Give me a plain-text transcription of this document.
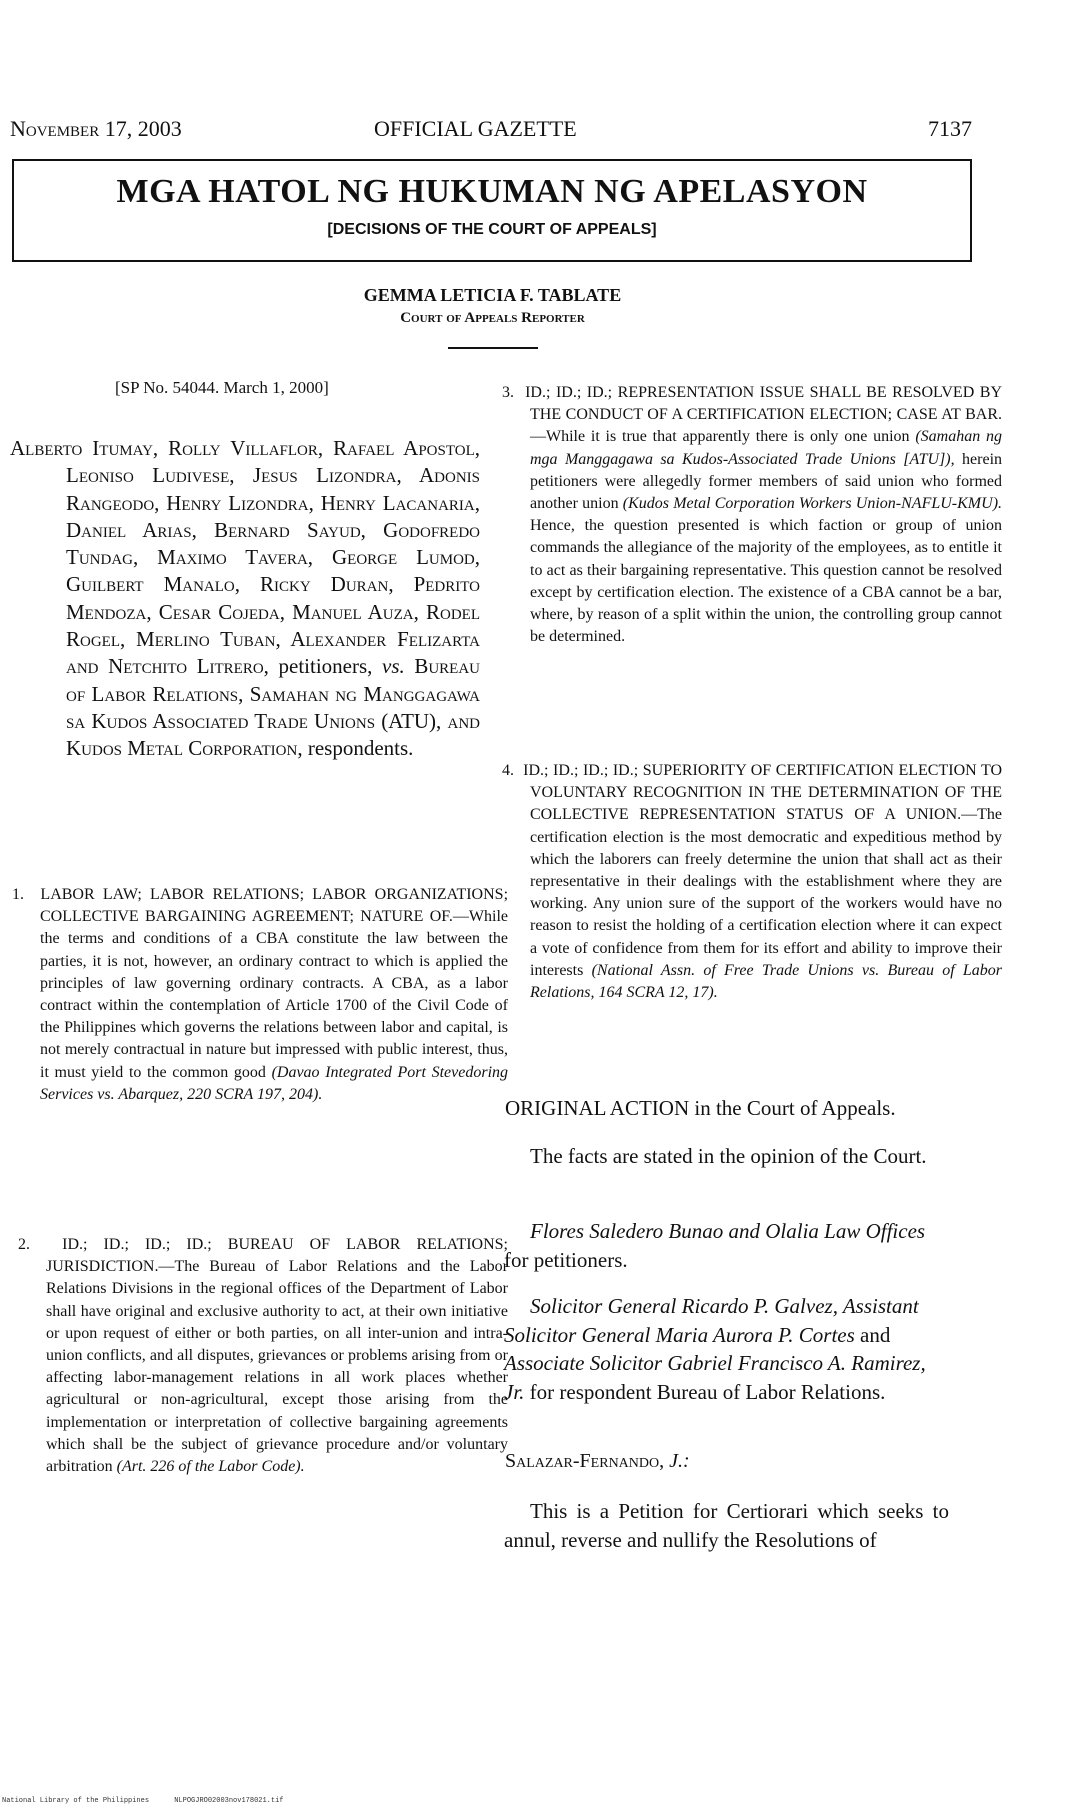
November 17, 2003	OFFICIAL GAZETTE	7137
MGA HATOL NG HUKUMAN NG APELASYON
[DECISIONS OF THE COURT OF APPEALS]
GEMMA LETICIA F. TABLATE
Court of Appeals Reporter
[SP No. 54044. March 1, 2000]
Alberto Itumay, Rolly Villaflor, Rafael Apostol, Leoniso Ludivese, Jesus Lizondra, Adonis Rangeodo, Henry Lizondra, Henry Lacanaria, Daniel Arias, Bernard Sayud, Godofredo Tundag, Maximo Tavera, George Lumod, Guilbert Manalo, Ricky Duran, Pedrito Mendoza, Cesar Cojeda, Manuel Auza, Rodel Rogel, Merlino Tuban, Alexander Felizarta and Netchito Litrero, petitioners, vs. Bureau of Labor Relations, Samahan ng Manggagawa sa Kudos Associated Trade Unions (ATU), and Kudos Metal Corporation, respondents.
1. LABOR LAW; LABOR RELATIONS; LABOR ORGANIZATIONS; COLLECTIVE BARGAINING AGREEMENT; NATURE OF.—While the terms and conditions of a CBA constitute the law between the parties, it is not, however, an ordinary contract to which is applied the principles of law governing ordinary contracts. A CBA, as a labor contract within the contemplation of Article 1700 of the Civil Code of the Philippines which governs the relations between labor and capital, is not merely contractual in nature but impressed with public interest, thus, it must yield to the common good (Davao Integrated Port Stevedoring Services vs. Abarquez, 220 SCRA 197, 204).
2. ID.; ID.; ID.; ID.; BUREAU OF LABOR RELATIONS; JURISDICTION.—The Bureau of Labor Relations and the Labor Relations Divisions in the regional offices of the Department of Labor shall have original and exclusive authority to act, at their own initiative or upon request of either or both parties, on all inter-union and intra-union conflicts, and all disputes, grievances or problems arising from or affecting labor-management relations in all work places whether agricultural or non-agricultural, except those arising from the implementation or interpretation of collective bargaining agreements which shall be the subject of grievance procedure and/or voluntary arbitration (Art. 226 of the Labor Code).
3. ID.; ID.; ID.; REPRESENTATION ISSUE SHALL BE RESOLVED BY THE CONDUCT OF A CERTIFICATION ELECTION; CASE AT BAR.—While it is true that apparently there is only one union (Samahan ng mga Manggagawa sa Kudos-Associated Trade Unions [ATU]), herein petitioners were allegedly former members of said union who formed another union (Kudos Metal Corporation Workers Union-NAFLU-KMU). Hence, the question presented is which faction or group of union commands the allegiance of the majority of the employees, as to entitle it to act as their bargaining representative. This question cannot be resolved except by certification election. The existence of a CBA cannot be a bar, where, by reason of a split within the union, the controlling group cannot be determined.
4. ID.; ID.; ID.; ID.; SUPERIORITY OF CERTIFICATION ELECTION TO VOLUNTARY RECOGNITION IN THE DETERMINATION OF THE COLLECTIVE REPRESENTATION STATUS OF A UNION.—The certification election is the most democratic and expeditious method by which the laborers can freely determine the union that shall act as their representative in their dealings with the establishment where they are working. Any union sure of the support of the workers would have no reason to resist the holding of a certification election where it can expect a vote of confidence from them for its effort and ability to improve their interests (National Assn. of Free Trade Unions vs. Bureau of Labor Relations, 164 SCRA 12, 17).
ORIGINAL ACTION in the Court of Appeals.
The facts are stated in the opinion of the Court.
Flores Saledero Bunao and Olalia Law Offices for petitioners.
Solicitor General Ricardo P. Galvez, Assistant Solicitor General Maria Aurora P. Cortes and Associate Solicitor Gabriel Francisco A. Ramirez, Jr. for respondent Bureau of Labor Relations.
Salazar-Fernando, J.:
This is a Petition for Certiorari which seeks to annul, reverse and nullify the Resolutions of
National Library of the Philippines	NLPOGJRO02003nov178021.tif
